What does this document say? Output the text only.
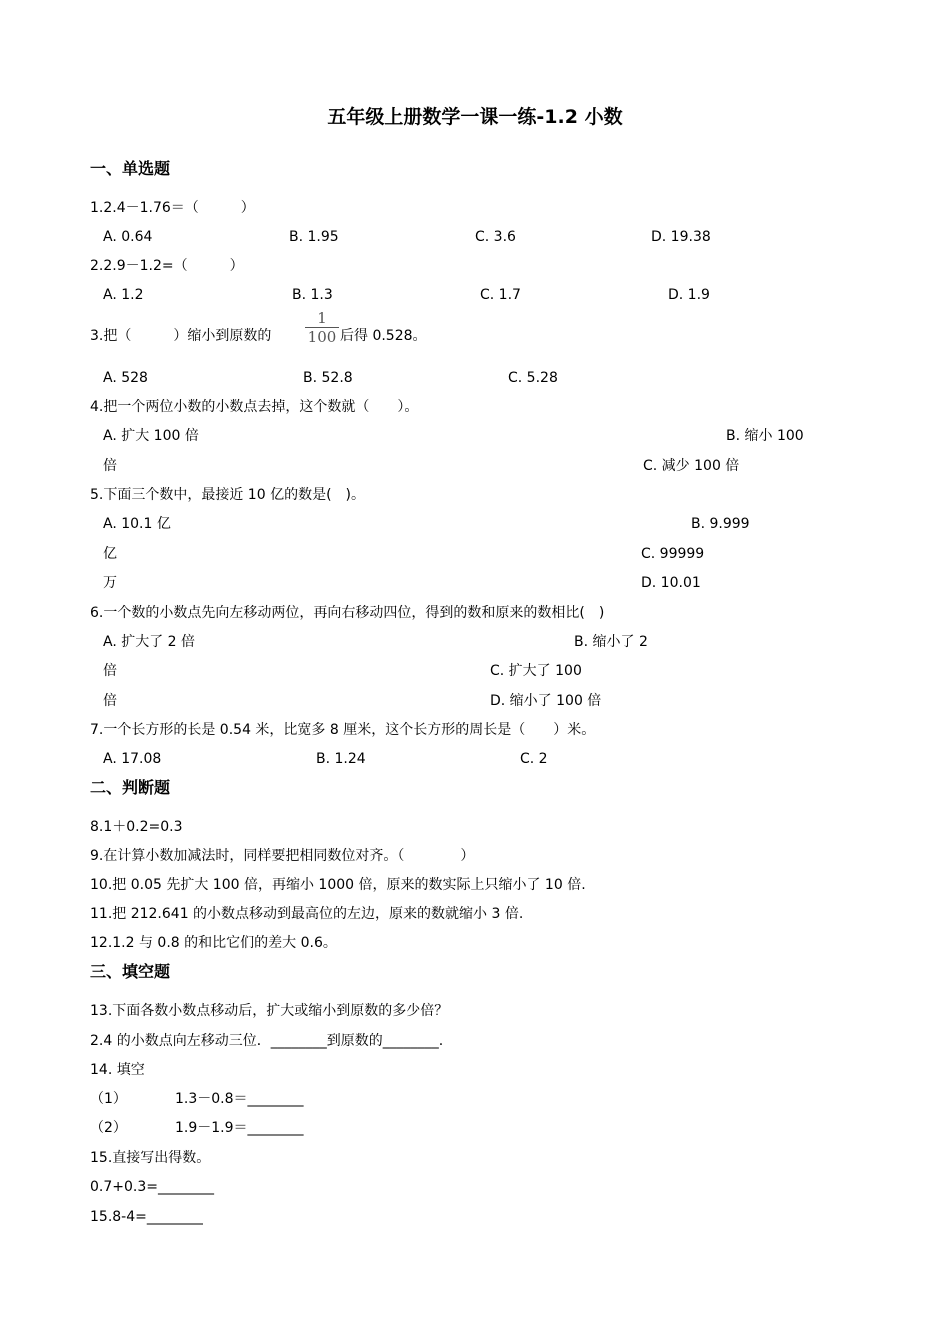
五年级上册数学一课一练-1.2 小数
一、单选题
1.2.4－1.76＝（　　　）
A. 0.64	B. 1.95	C. 3.6	D. 19.38
2.2.9－1.2=（　　　）
A. 1.2	B. 1.3	C. 1.7	D. 1.9
3.把（　　　）缩小到原数的
1
100 后得 0.528。
A. 528	B. 52.8	C. 5.28
4.把一个两位小数的小数点去掉，这个数就（　　）。
A. 扩大 100 倍	B. 缩小 100
倍	C. 减少 100 倍
5.下面三个数中，最接近 10 亿的数是(　)。
A. 10.1 亿	B. 9.999
亿	C. 99999
万	D. 10.01
6.一个数的小数点先向左移动两位，再向右移动四位，得到的数和原来的数相比(　)
A. 扩大了 2 倍	B. 缩小了 2
倍	C. 扩大了 100
倍	D. 缩小了 100 倍
7.一个长方形的长是 0.54 米，比宽多 8 厘米，这个长方形的周长是（　　）米。
A. 17.08	B. 1.24	C. 2
二、判断题
8.1＋0.2=0.3
9.在计算小数加减法时，同样要把相同数位对齐。（　　　　）
10.把 0.05 先扩大 100 倍，再缩小 1000 倍，原来的数实际上只缩小了 10 倍.
11.把 212.641 的小数点移动到最高位的左边，原来的数就缩小 3 倍.
12.1.2 与 0.8 的和比它们的差大 0.6。
三、填空题
13.下面各数小数点移动后，扩大或缩小到原数的多少倍？
2.4 的小数点向左移动三位．________到原数的________.
14. 填空
（1）	1.3－0.8＝________
（2）	1.9－1.9＝________
15.直接写出得数。
0.7+0.3=________
15.8-4=________
